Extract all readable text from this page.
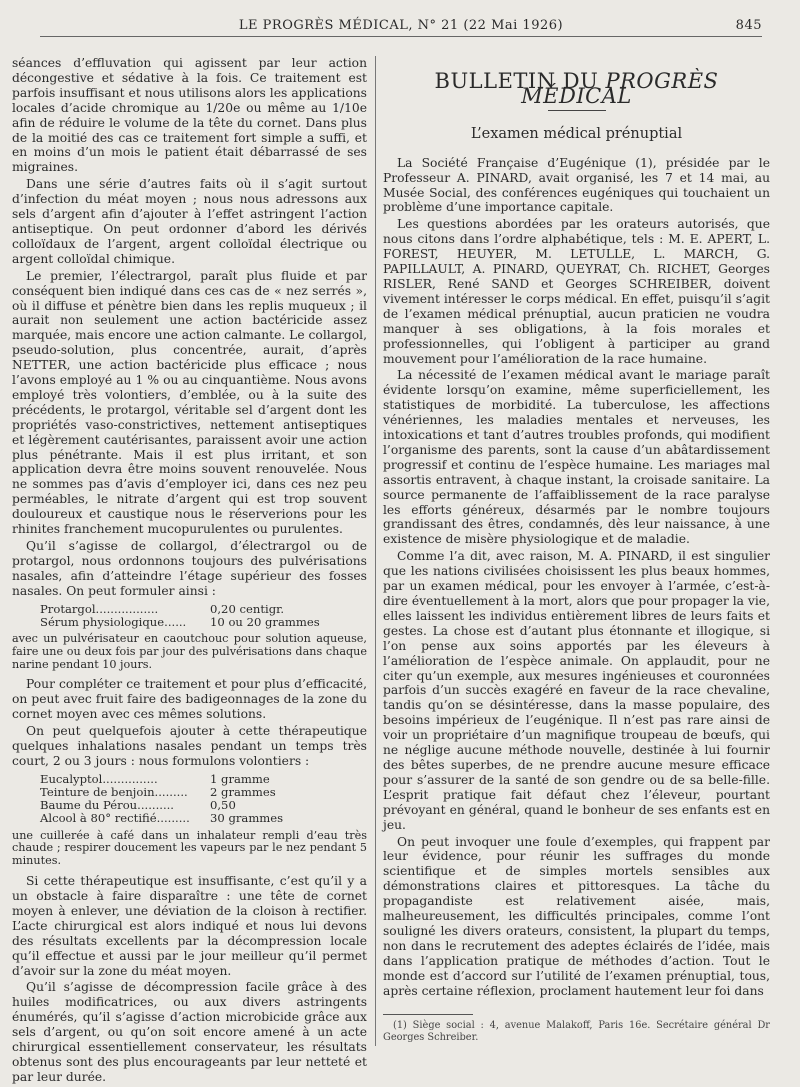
LE PROGRÈS MÉDICAL, N° 21 (22 Mai 1926)	845

séances d’effluvation qui agissent par leur action décongestive et sédative à la fois. Ce traitement est parfois insuffisant et nous utilisons alors les applications locales d’acide chromique au 1/20e ou même au 1/10e afin de réduire le volume de la tête du cornet. Dans plus de la moitié des cas ce traitement fort simple a suffi, et en moins d’un mois le patient était débarrassé de ses migraines.

Dans une série d’autres faits où il s’agit surtout d’infection du méat moyen ; nous nous adressons aux sels d’argent afin d’ajouter à l’effet astringent l’action antiseptique. On peut ordonner d’abord les dérivés colloïdaux de l’argent, argent colloïdal électrique ou argent colloïdal chimique.

Le premier, l’électrargol, paraît plus fluide et par conséquent bien indiqué dans ces cas de « nez serrés », où il diffuse et pénètre bien dans les replis muqueux ; il aurait non seulement une action bactéricide assez marquée, mais encore une action calmante. Le collargol, pseudo-solution, plus concentrée, aurait, d’après NETTER, une action bactéricide plus efficace ; nous l’avons employé au 1 % ou au cinquantième. Nous avons employé très volontiers, d’emblée, ou à la suite des précédents, le protargol, véritable sel d’argent dont les propriétés vaso-constrictives, nettement antiseptiques et légèrement cautérisantes, paraissent avoir une action plus pénétrante. Mais il est plus irritant, et son application devra être moins souvent renouvelée. Nous ne sommes pas d’avis d’employer ici, dans ces nez peu perméables, le nitrate d’argent qui est trop souvent douloureux et caustique nous le réserverions pour les rhinites franchement mucopurulentes ou purulentes.

Qu’il s’agisse de collargol, d’électrargol ou de protargol, nous ordonnons toujours des pulvérisations nasales, afin d’atteindre l’étage supérieur des fosses nasales. On peut formuler ainsi :

Protargol.................	0,20 centigr.
Sérum physiologique......	10 ou 20 grammes

avec un pulvérisateur en caoutchouc pour solution aqueuse, faire une ou deux fois par jour des pulvérisations dans chaque narine pendant 10 jours.

Pour compléter ce traitement et pour plus d’efficacité, on peut avec fruit faire des badigeonnages de la zone du cornet moyen avec ces mêmes solutions.

On peut quelquefois ajouter à cette thérapeutique quelques inhalations nasales pendant un temps très court, 2 ou 3 jours : nous formulons volontiers :

Eucalyptol...............	1 gramme
Teinture de benjoin.........	2 grammes
Baume du Pérou..........	0,50
Alcool à 80° rectifié.........	30 grammes

une cuillerée à café dans un inhalateur rempli d’eau très chaude ; respirer doucement les vapeurs par le nez pendant 5 minutes.

Si cette thérapeutique est insuffisante, c’est qu’il y a un obstacle à faire disparaître : une tête de cornet moyen à enlever, une déviation de la cloison à rectifier. L’acte chirurgical est alors indiqué et nous lui devons des résultats excellents par la décompression locale qu’il effectue et aussi par le jour meilleur qu’il permet d’avoir sur la zone du méat moyen.

Qu’il s’agisse de décompression facile grâce à des huiles modificatrices, ou aux divers astringents énumérés, qu’il s’agisse d’action microbicide grâce aux sels d’argent, ou qu’on soit encore amené à un acte chirurgical essentiellement conservateur, les résultats obtenus sont des plus encourageants par leur netteté et par leur durée.

BULLETIN DU PROGRÈS MÉDICAL
L’examen médical prénuptial

La Société Française d’Eugénique (1), présidée par le Professeur A. PINARD, avait organisé, les 7 et 14 mai, au Musée Social, des conférences eugéniques qui touchaient un problème d’une importance capitale.

Les questions abordées par les orateurs autorisés, que nous citons dans l’ordre alphabétique, tels : M. E. APERT, L. FOREST, HEUYER, M. LETULLE, L. MARCH, G. PAPILLAULT, A. PINARD, QUEYRAT, Ch. RICHET, Georges RISLER, René SAND et Georges SCHREIBER, doivent vivement intéresser le corps médical. En effet, puisqu’il s’agit de l’examen médical prénuptial, aucun praticien ne voudra manquer à ses obligations, à la fois morales et professionnelles, qui l’obligent à participer au grand mouvement pour l’amélioration de la race humaine.

La nécessité de l’examen médical avant le mariage paraît évidente lorsqu’on examine, même superficiellement, les statistiques de morbidité. La tuberculose, les affections vénériennes, les maladies mentales et nerveuses, les intoxications et tant d’autres troubles profonds, qui modifient l’organisme des parents, sont la cause d’un abâtardissement progressif et continu de l’espèce humaine. Les mariages mal assortis entravent, à chaque instant, la croisade sanitaire. La source permanente de l’affaiblissement de la race paralyse les efforts généreux, désarmés par le nombre toujours grandissant des êtres, condamnés, dès leur naissance, à une existence de misère physiologique et de maladie.

Comme l’a dit, avec raison, M. A. PINARD, il est singulier que les nations civilisées choisissent les plus beaux hommes, par un examen médical, pour les envoyer à l’armée, c’est-à-dire éventuellement à la mort, alors que pour propager la vie, elles laissent les individus entièrement libres de leurs faits et gestes. La chose est d’autant plus étonnante et illogique, si l’on pense aux soins apportés par les éleveurs à l’amélioration de l’espèce animale. On applaudit, pour ne citer qu’un exemple, aux mesures ingénieuses et couronnées parfois d’un succès exagéré en faveur de la race chevaline, tandis qu’on se désintéresse, dans la masse populaire, des besoins impérieux de l’eugénique. Il n’est pas rare ainsi de voir un propriétaire d’un magnifique troupeau de bœufs, qui ne néglige aucune méthode nouvelle, destinée à lui fournir des bêtes superbes, de ne prendre aucune mesure efficace pour s’assurer de la santé de son gendre ou de sa belle-fille. L’esprit pratique fait défaut chez l’éleveur, pourtant prévoyant en général, quand le bonheur de ses enfants est en jeu.

On peut invoquer une foule d’exemples, qui frappent par leur évidence, pour réunir les suffrages du monde scientifique et de simples mortels sensibles aux démonstrations claires et pittoresques. La tâche du propagandiste est relativement aisée, mais, malheureusement, les difficultés principales, comme l’ont souligné les divers orateurs, consistent, la plupart du temps, non dans le recrutement des adeptes éclairés de l’idée, mais dans l’application pratique de méthodes d’action. Tout le monde est d’accord sur l’utilité de l’examen prénuptial, tous, après certaine réflexion, proclament hautement leur foi dans

(1) Siège social : 4, avenue Malakoff, Paris 16e. Secrétaire général Dr Georges Schreiber.
